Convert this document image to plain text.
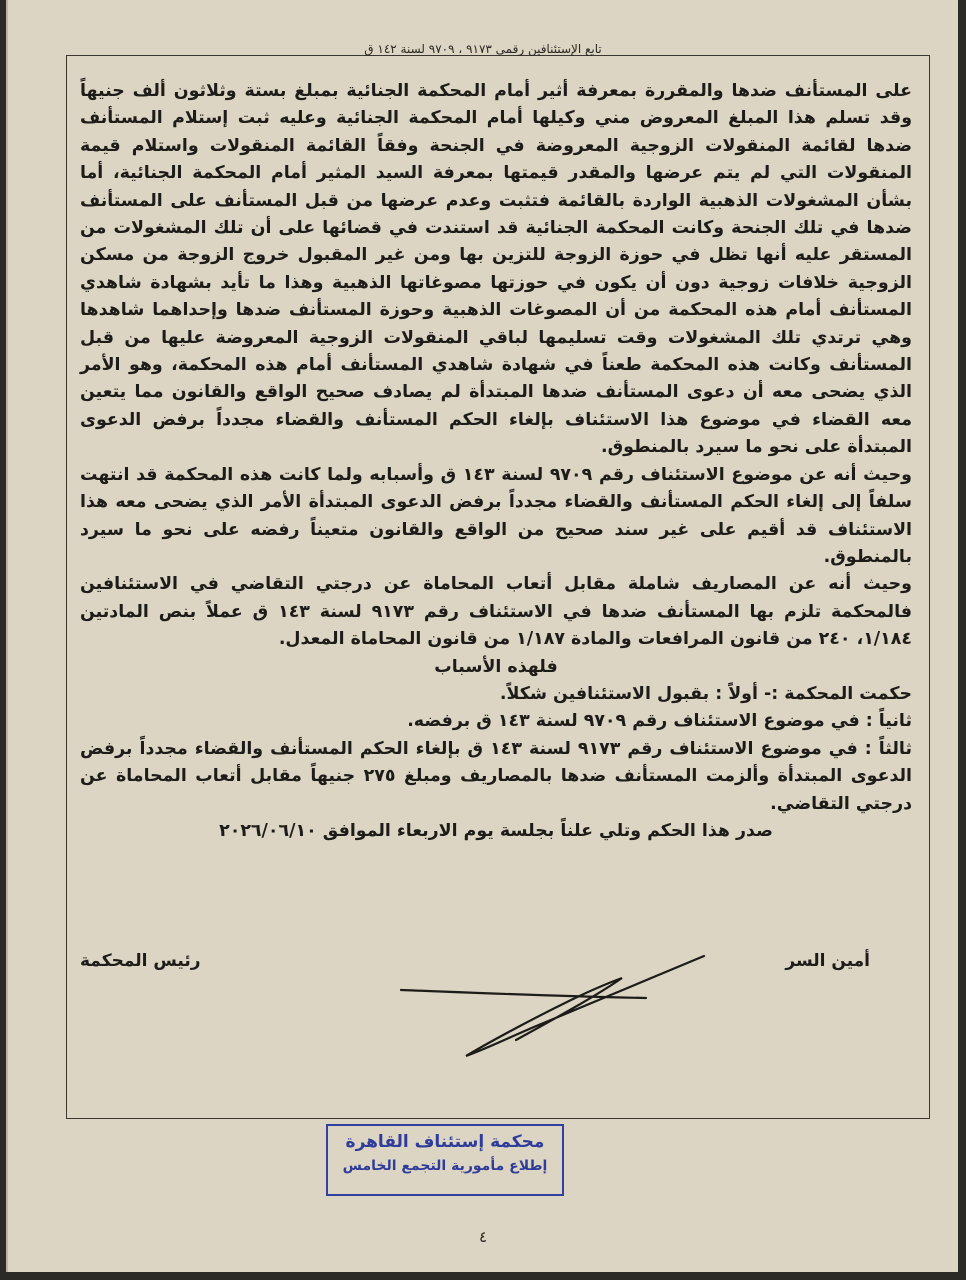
تابع الإستئنافين رقمى ٩١٧٣ ، ٩٧٠٩ لسنة ١٤٢ ق

على المستأنف ضدها والمقررة بمعرفة أثير أمام المحكمة الجنائية بمبلغ بستة وثلاثون ألف جنيهاً وقد تسلم هذا المبلغ المعروض مني وكيلها أمام المحكمة الجنائية وعليه ثبت إستلام المستأنف ضدها لقائمة المنقولات الزوجية المعروضة في الجنحة وفقاً القائمة المنقولات واستلام قيمة المنقولات التي لم يتم عرضها والمقدر قيمتها بمعرفة السيد المثير أمام المحكمة الجنائية، أما بشأن المشغولات الذهبية الواردة بالقائمة فتثبت وعدم عرضها من قبل المستأنف على المستأنف ضدها في تلك الجنحة وكانت المحكمة الجنائية قد استندت في قضائها على أن تلك المشغولات من المستقر عليه أنها تظل في حوزة الزوجة للتزين بها ومن غير المقبول خروج الزوجة من مسكن الزوجية خلافات زوجية دون أن يكون في حوزتها مصوغاتها الذهبية وهذا ما تأيد بشهادة شاهدي المستأنف أمام هذه المحكمة من أن المصوغات الذهبية وحوزة المستأنف ضدها وإحداهما شاهدها وهي ترتدي تلك المشغولات وقت تسليمها لباقي المنقولات الزوجية المعروضة عليها من قبل المستأنف وكانت هذه المحكمة طعناً في شهادة شاهدي المستأنف أمام هذه المحكمة، وهو الأمر الذي يضحى معه أن دعوى المستأنف ضدها المبتدأة لم يصادف صحيح الواقع والقانون مما يتعين معه القضاء في موضوع هذا الاستئناف بإلغاء الحكم المستأنف والقضاء مجدداً برفض الدعوى المبتدأة على نحو ما سيرد بالمنطوق.

وحيث أنه عن موضوع الاستئناف رقم ٩٧٠٩ لسنة ١٤٣ ق وأسبابه ولما كانت هذه المحكمة قد انتهت سلفاً إلى إلغاء الحكم المستأنف والقضاء مجدداً برفض الدعوى المبتدأة الأمر الذي يضحى معه هذا الاستئناف قد أقيم على غير سند صحيح من الواقع والقانون متعيناً رفضه على نحو ما سيرد بالمنطوق.

وحيث أنه عن المصاريف شاملة مقابل أتعاب المحاماة عن درجتي التقاضي في الاستئنافين فالمحكمة تلزم بها المستأنف ضدها في الاستئناف رقم ٩١٧٣ لسنة ١٤٣ ق عملاً بنص المادتين ١/١٨٤، ٢٤٠ من قانون المرافعات والمادة ١/١٨٧ من قانون المحاماة المعدل.

فلهذه الأسباب

حكمت المحكمة :- أولاً : بقبول الاستئنافين شكلاً.

ثانياً : في موضوع الاستئناف رقم ٩٧٠٩ لسنة ١٤٣ ق برفضه.

ثالثاً : في موضوع الاستئناف رقم ٩١٧٣ لسنة ١٤٣ ق بإلغاء الحكم المستأنف والقضاء مجدداً برفض الدعوى المبتدأة وألزمت المستأنف ضدها بالمصاريف ومبلغ ٢٧٥ جنيهاً مقابل أتعاب المحاماة عن درجتي التقاضي.

صدر هذا الحكم وتلي علناً بجلسة يوم الاربعاء الموافق ٢٠٢٦/٠٦/١٠

أمين السر
رئيس المحكمة
محكمة إستئناف القاهرة
إطلاع مأمورية التجمع الخامس
٤
